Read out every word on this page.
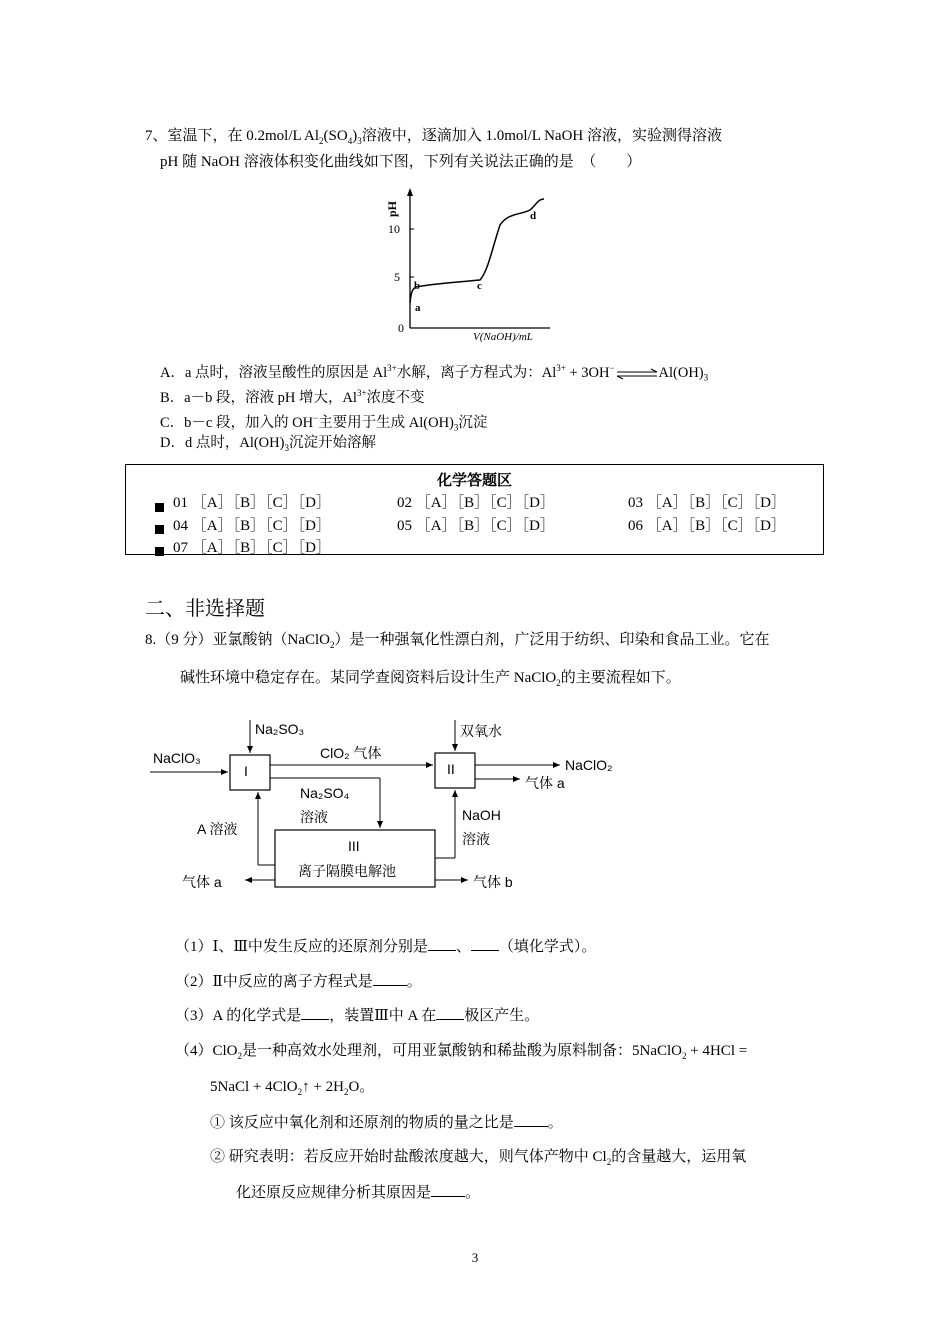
7、室温下，在 0.2mol/L $Al_2(SO_4)_3$溶液中，逐滴加入 1.0mol/L NaOH 溶液，实验测得溶液
pH 随 NaOH 溶液体积变化曲线如下图，下列有关说法正确的是　（　　）
pH
10
5
0
V(NaOH)/mL
a
b	c
d
A．a 点时，溶液呈酸性的原因是 $Al^{3+}$水解，离子方程式为：$Al^{3+}$ + $3OH^-\rightleftharpoons Al(OH)_3$
B．a－b 段，溶液 pH 增大，$Al^{3+}$浓度不变
C．b－c 段，加入的 OH−主要用于生成 $Al(OH)_3$沉淀
D．d 点时，$Al(OH)_3$沉淀开始溶解
化学答题区
01 ［A］［B］［C］［D］	02 ［A］［B］［C］［D］	03 ［A］［B］［C］［D］
04 ［A］［B］［C］［D］	05 ［A］［B］［C］［D］	06 ［A］［B］［C］［D］
07 ［A］［B］［C］［D］
二、非选择题
8.（9 分）亚氯酸钠（NaClO$_2$）是一种强氧化性漂白剂，广泛用于纺织、印染和食品工业。它在
碱性环境中稳定存在。某同学查阅资料后设计生产 NaClO$_2$的主要流程如下。
NaClO₃
Na₂SO₃
ClO₂ 气体
I	II
双氧水
NaClO₂
气体 a
Na₂SO₄
溶液
A 溶液
NaOH
溶液
III
离子隔膜电解池
气体 a	气体 b
（1）Ⅰ、Ⅲ中发生反应的还原剂分别是 、 （填化学式）。
（2）Ⅱ中反应的离子方程式是 。
（3）A 的化学式是 ，装置Ⅲ中 A 在 极区产生。
（4）ClO$_2$是一种高效水处理剂，可用亚氯酸钠和稀盐酸为原料制备：5NaClO$_2$ + 4HCl =
5NaCl + 4ClO$_2$↑ + $2H_2O$。
① 该反应中氧化剂和还原剂的物质的量之比是 。
② 研究表明：若反应开始时盐酸浓度越大，则气体产物中 $Cl_2$的含量越大，运用氧
化还原反应规律分析其原因是 。
3
